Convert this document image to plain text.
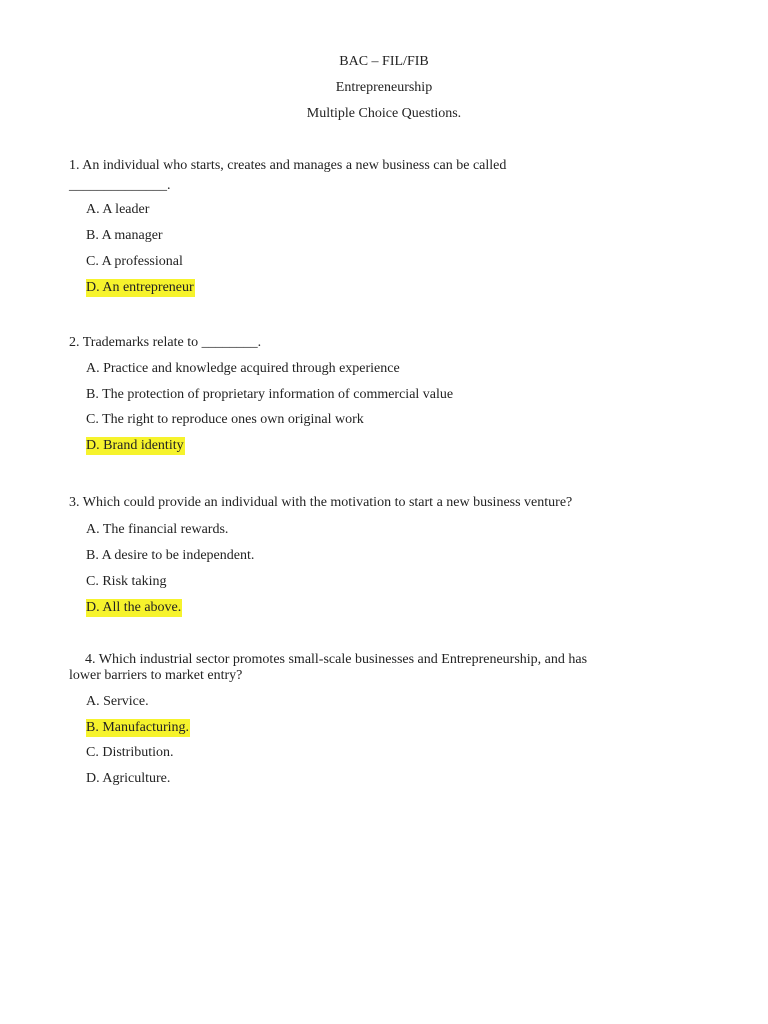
BAC – FIL/FIB
Entrepreneurship
Multiple Choice Questions.
1. An individual who starts, creates and manages a new business can be called
______________.
A. A leader
B. A manager
C. A professional
D. An entrepreneur
2. Trademarks relate to ________.
A. Practice and knowledge acquired through experience
B. The protection of proprietary information of commercial value
C. The right to reproduce ones own original work
D. Brand identity
3. Which could provide an individual with the motivation to start a new business venture?
A. The financial rewards.
B. A desire to be independent.
C. Risk taking
D. All the above.
4. Which industrial sector promotes small-scale businesses and Entrepreneurship, and has
lower barriers to market entry?
A. Service.
B. Manufacturing.
C. Distribution.
D. Agriculture.
